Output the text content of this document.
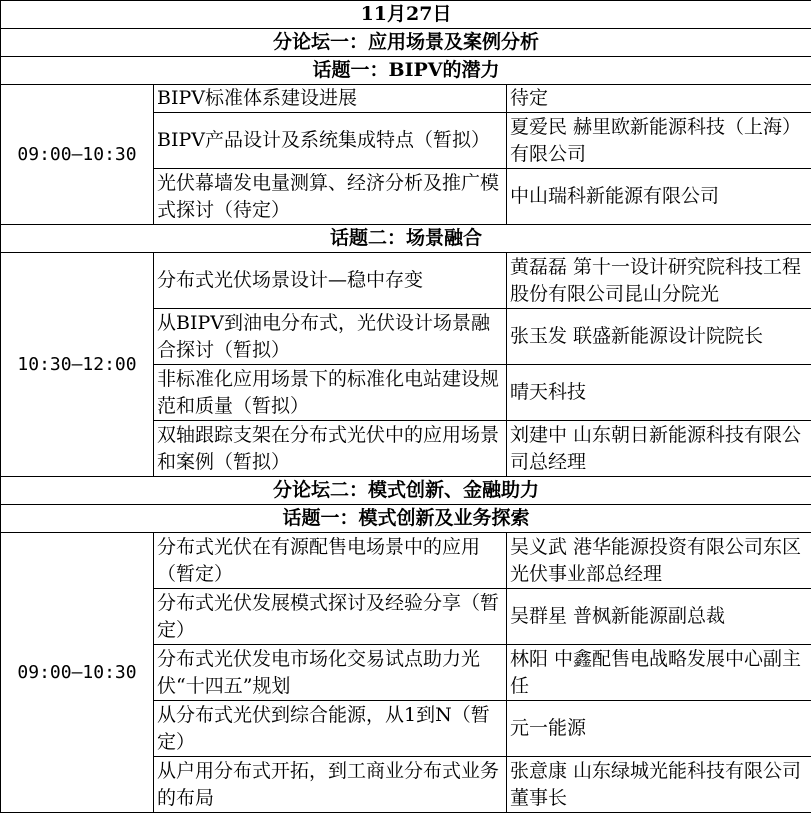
11月27日		
分论坛一：应用场景及案例分析		
话题一：BIPV的潜力		
09:00—10:30	BIPV标准体系建设进展	待定
	BIPV产品设计及系统集成特点（暂拟）	夏爱民 赫里欧新能源科技（上海）有限公司
	光伏幕墙发电量测算、经济分析及推广模式探讨（待定）	中山瑞科新能源有限公司
话题二：场景融合		
10:30—12:00	分布式光伏场景设计—稳中存变	黄磊磊 第十一设计研究院科技工程股份有限公司昆山分院光
	从BIPV到油电分布式，光伏设计场景融合探讨（暂拟）	张玉发 联盛新能源设计院院长
	非标准化应用场景下的标准化电站建设规范和质量（暂拟）	晴天科技
	双轴跟踪支架在分布式光伏中的应用场景和案例（暂拟）	刘建中 山东朝日新能源科技有限公司总经理
分论坛二：模式创新、金融助力		
话题一：模式创新及业务探索		
09:00—10:30	分布式光伏在有源配售电场景中的应用（暂定）	吴义武 港华能源投资有限公司东区光伏事业部总经理
	分布式光伏发展模式探讨及经验分享（暂定）	吴群星 普枫新能源副总裁
	分布式光伏发电市场化交易试点助力光伏“十四五”规划	林阳 中鑫配售电战略发展中心副主任
	从分布式光伏到综合能源，从1到N（暂定）	元一能源
	从户用分布式开拓，到工商业分布式业务的布局	张意康 山东绿城光能科技有限公司董事长
